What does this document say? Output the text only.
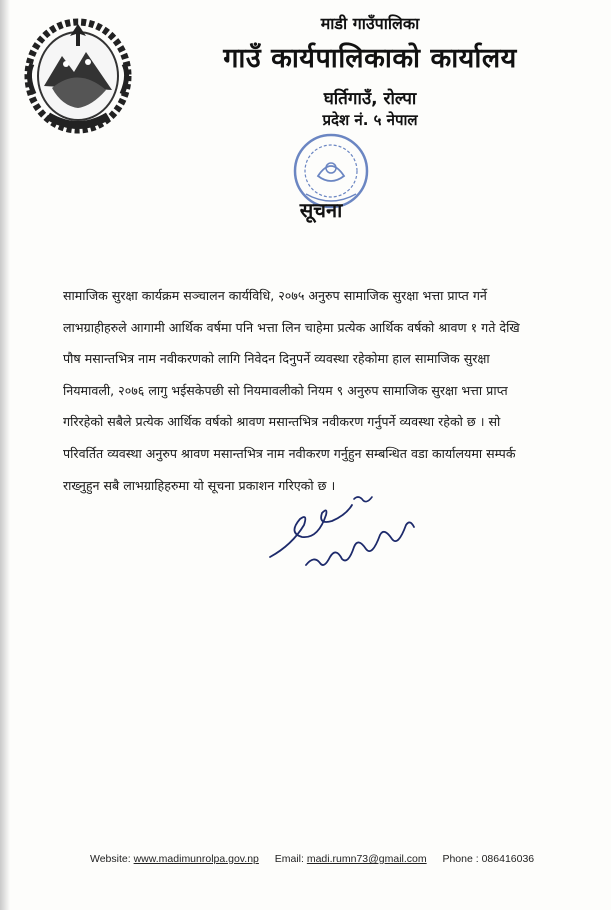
माडी गाउँपालिका
गाउँ कार्यपालिकाको कार्यालय
घर्तिगाउँ, रोल्पा
प्रदेश नं. ५ नेपाल
सूचना
सामाजिक सुरक्षा कार्यक्रम सञ्चालन कार्यविधि, २०७५ अनुरुप सामाजिक सुरक्षा भत्ता प्राप्त गर्ने
लाभग्राहीहरुले आगामी आर्थिक वर्षमा पनि भत्ता लिन चाहेमा प्रत्येक आर्थिक वर्षको श्रावण १ गते देखि
पौष मसान्तभित्र नाम नवीकरणको लागि निवेदन दिनुपर्ने व्यवस्था रहेकोमा हाल सामाजिक सुरक्षा
नियमावली, २०७६ लागु भईसकेपछी सो नियमावलीको नियम ९ अनुरुप सामाजिक सुरक्षा भत्ता प्राप्त
गरिरहेको सबैले प्रत्येक आर्थिक वर्षको श्रावण मसान्तभित्र नवीकरण गर्नुपर्ने व्यवस्था रहेको छ । सो
परिवर्तित व्यवस्था अनुरुप श्रावण मसान्तभित्र नाम नवीकरण गर्नुहुन सम्बन्धित वडा कार्यालयमा सम्पर्क
राख्नुहुन सबै लाभग्राहिहरुमा यो सूचना प्रकाशन गरिएको छ ।
Website: www.madimunrolpa.gov.np Email: madi.rumn73@gmail.com Phone : 086416036
